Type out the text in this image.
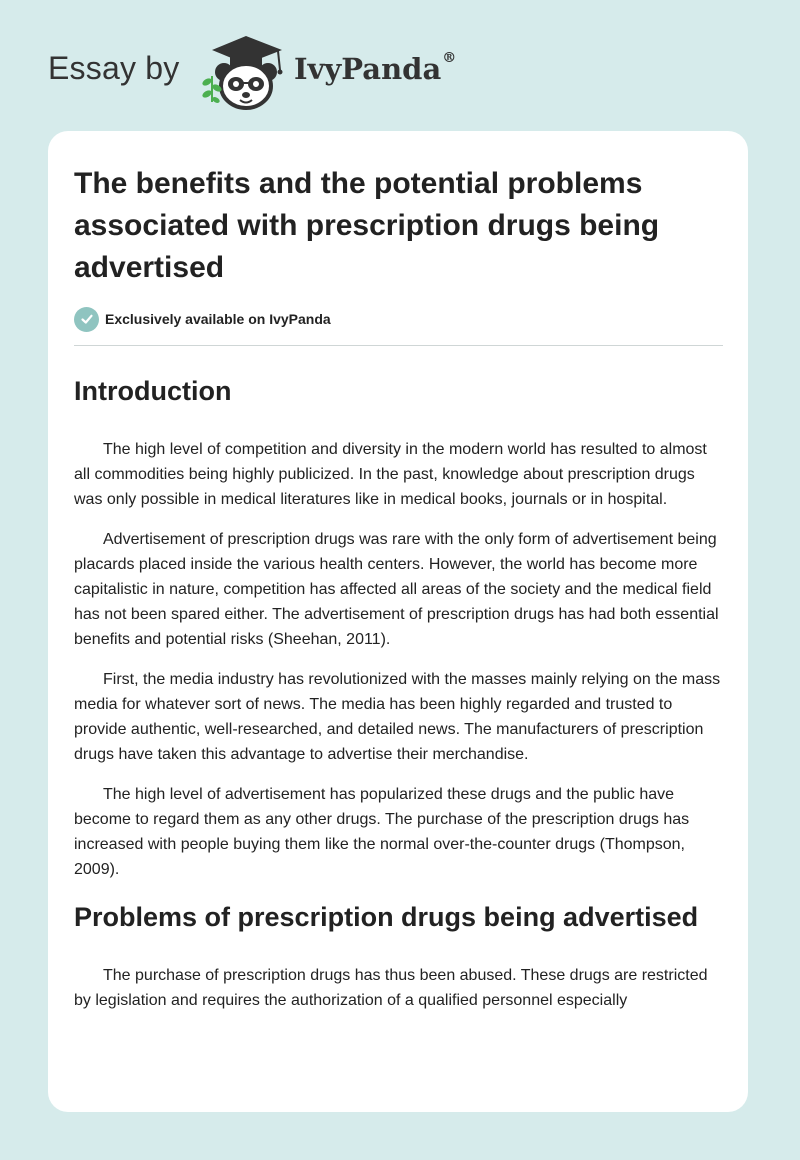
Essay by	IvyPanda®
The benefits and the potential problems associated with prescription drugs being advertised
Exclusively available on IvyPanda
Introduction

The high level of competition and diversity in the modern world has resulted to almost all commodities being highly publicized. In the past, knowledge about prescription drugs was only possible in medical literatures like in medical books, journals or in hospital.

Advertisement of prescription drugs was rare with the only form of advertisement being placards placed inside the various health centers. However, the world has become more capitalistic in nature, competition has affected all areas of the society and the medical field has not been spared either. The advertisement of prescription drugs has had both essential benefits and potential risks (Sheehan, 2011).

First, the media industry has revolutionized with the masses mainly relying on the mass media for whatever sort of news. The media has been highly regarded and trusted to provide authentic, well-researched, and detailed news. The manufacturers of prescription drugs have taken this advantage to advertise their merchandise.

The high level of advertisement has popularized these drugs and the public have become to regard them as any other drugs. The purchase of the prescription drugs has increased with people buying them like the normal over-the-counter drugs (Thompson, 2009).

Problems of prescription drugs being advertised

The purchase of prescription drugs has thus been abused. These drugs are restricted by legislation and requires the authorization of a qualified personnel especially
